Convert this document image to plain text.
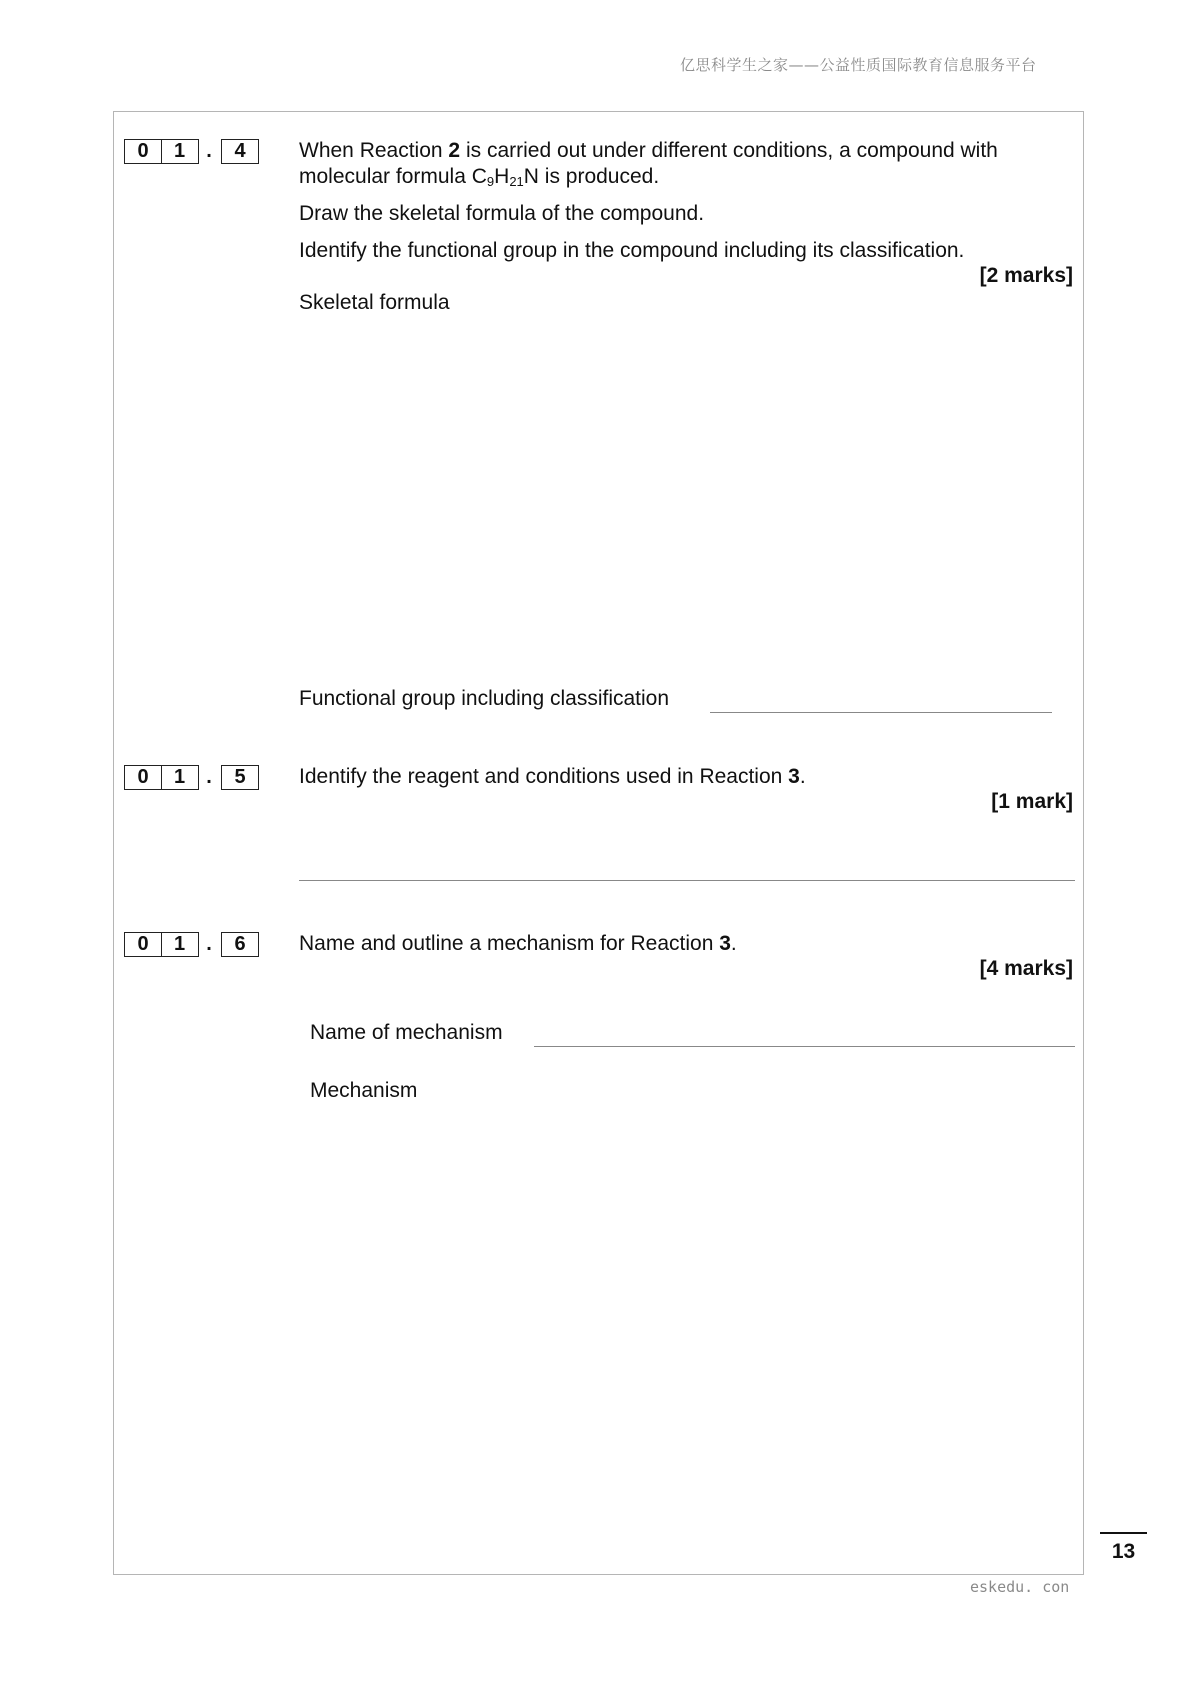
亿思科学生之家——公益性质国际教育信息服务平台
0	1	.	4	When Reaction 2 is carried out under different conditions, a compound with
molecular formula $C_9H_{21}N$ is produced.
Draw the skeletal formula of the compound.
Identify the functional group in the compound including its classification.
[2 marks]
Skeletal formula
Functional group including classification
0	1	.	5	Identify the reagent and conditions used in Reaction 3.
[1 mark]
0	1	.	6	Name and outline a mechanism for Reaction 3.
[4 marks]
Name of mechanism
Mechanism
13
eskedu. con
